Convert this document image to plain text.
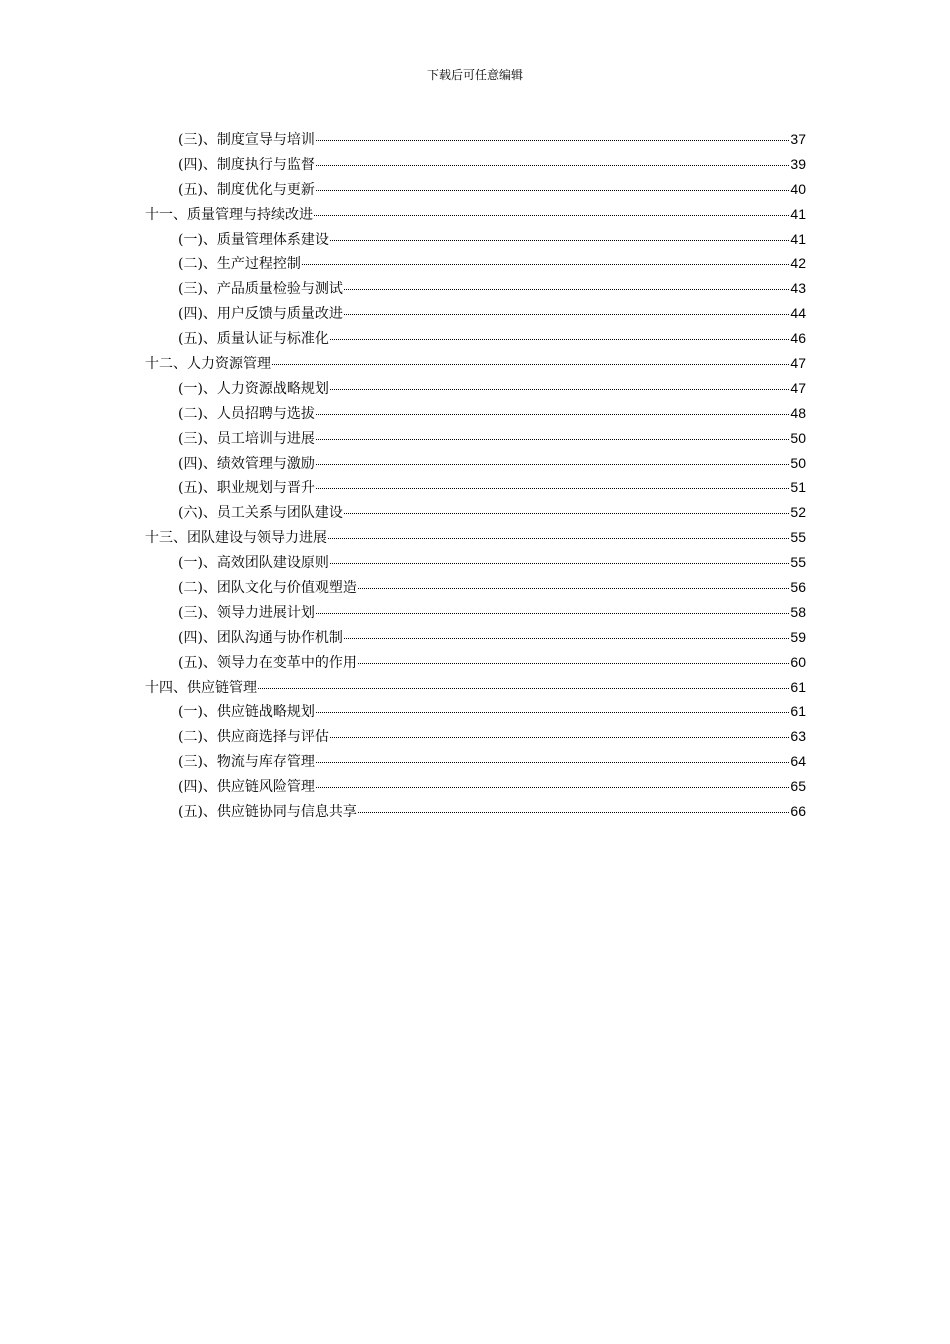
下载后可任意编辑
(三)、制度宣导与培训	37
(四)、制度执行与监督	39
(五)、制度优化与更新	40
十一、质量管理与持续改进	41
(一)、质量管理体系建设	41
(二)、生产过程控制	42
(三)、产品质量检验与测试	43
(四)、用户反馈与质量改进	44
(五)、质量认证与标准化	46
十二、人力资源管理	47
(一)、人力资源战略规划	47
(二)、人员招聘与选拔	48
(三)、员工培训与进展	50
(四)、绩效管理与激励	50
(五)、职业规划与晋升	51
(六)、员工关系与团队建设	52
十三、团队建设与领导力进展	55
(一)、高效团队建设原则	55
(二)、团队文化与价值观塑造	56
(三)、领导力进展计划	58
(四)、团队沟通与协作机制	59
(五)、领导力在变革中的作用	60
十四、供应链管理	61
(一)、供应链战略规划	61
(二)、供应商选择与评估	63
(三)、物流与库存管理	64
(四)、供应链风险管理	65
(五)、供应链协同与信息共享	66
